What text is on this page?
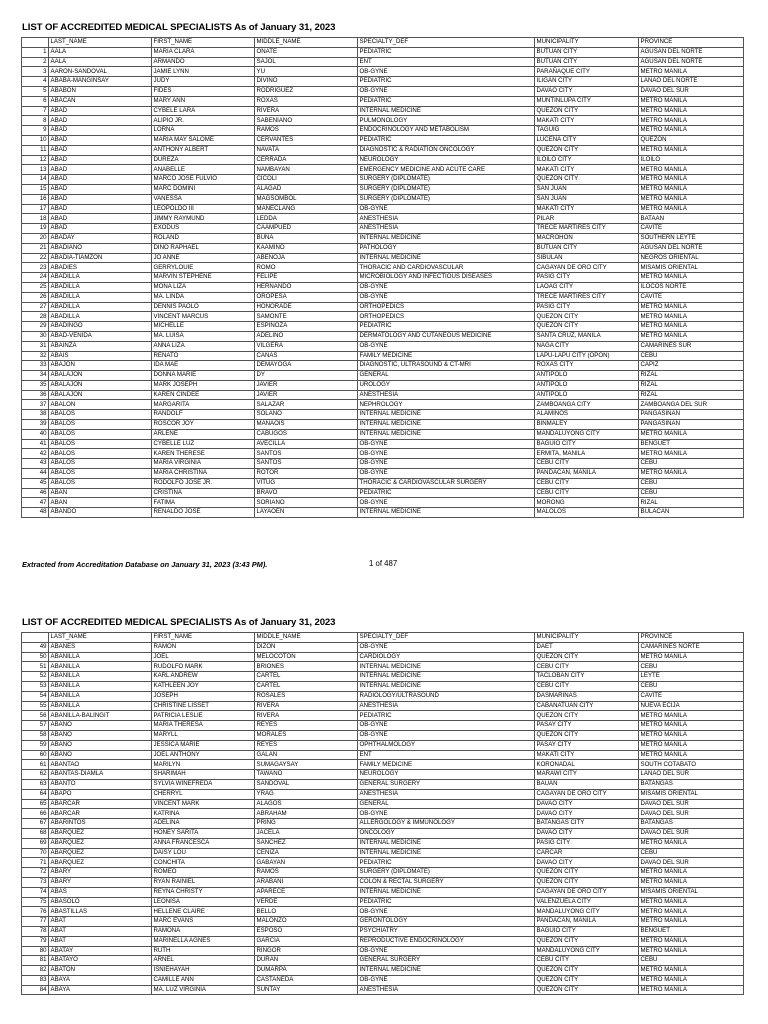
LIST OF ACCREDITED MEDICAL SPECIALISTS As of January 31, 2023
	LAST_NAME	FIRST_NAME	MIDDLE_NAME	SPECIALTY_DEF	MUNICIPALITY	PROVINCE
1	AALA	MARIA CLARA	OÑATE	PEDIATRIC	BUTUAN CITY	AGUSAN DEL NORTE
2	AALA	ARMANDO	SAJOL	ENT	BUTUAN CITY	AGUSAN DEL NORTE
3	AARON-SANDOVAL	JAMIE LYNN	YU	OB-GYNE	PARAÑAQUE CITY	METRO MANILA
4	ABABA-MANGINSAY	JUDY	DIVINO	PEDIATRIC	ILIGAN CITY	LANAO DEL NORTE
5	ABABON	FIDES	RODRIGUEZ	OB-GYNE	DAVAO CITY	DAVAO DEL SUR
6	ABACAN	MARY ANN	ROXAS	PEDIATRIC	MUNTINLUPA CITY	METRO MANILA
7	ABAD	CYBELE LARA	RIVERA	INTERNAL MEDICINE	QUEZON CITY	METRO MANILA
8	ABAD	ALIPIO JR.	SABENIANO	PULMONOLOGY	MAKATI CITY	METRO MANILA
9	ABAD	LORNA	RAMOS	ENDOCRINOLOGY AND METABOLISM	TAGUIG	METRO MANILA
10	ABAD	MARIA MAY SALOME	CERVANTES	PEDIATRIC	LUCENA CITY	QUEZON
11	ABAD	ANTHONY ALBERT	NAVATA	DIAGNOSTIC & RADIATION ONCOLOGY	QUEZON CITY	METRO MANILA
12	ABAD	DUREZA	CERRADA	NEUROLOGY	ILOILO CITY	ILOILO
13	ABAD	ANABELLE	NAMBAYAN	EMERGENCY MEDICINE AND ACUTE CARE	MAKATI CITY	METRO MANILA
14	ABAD	MARCO JOSE FULVIO	CICOLI	SURGERY (DIPLOMATE)	QUEZON CITY	METRO MANILA
15	ABAD	MARC DOMINI	ALAGAD	SURGERY (DIPLOMATE)	SAN JUAN	METRO MANILA
16	ABAD	VANESSA	MAGSOMBOL	SURGERY (DIPLOMATE)	SAN JUAN	METRO MANILA
17	ABAD	LEOPOLDO III	MANECLANG	OB-GYNE	MAKATI CITY	METRO MANILA
18	ABAD	JIMMY RAYMUND	LEDDA	ANESTHESIA	PILAR	BATAAN
19	ABAD	EXODUS	CAAMPUED	ANESTHESIA	TRECE MARTIRES CITY	CAVITE
20	ABADAY	ROLAND	BUNA	INTERNAL MEDICINE	MACROHON	SOUTHERN LEYTE
21	ABADIANO	DINO RAPHAEL	KAAMIÑO	PATHOLOGY	BUTUAN CITY	AGUSAN DEL NORTE
22	ABADIA-TIAMZON	JO ANNE	ABENOJA	INTERNAL MEDICINE	SIBULAN	NEGROS ORIENTAL
23	ABADIES	GERRYLOUIE	ROMO	THORACIC AND CARDIOVASCULAR	CAGAYAN DE ORO CITY	MISAMIS ORIENTAL
24	ABADILLA	MARVIN STEPHENE	FELIPE	MICROBIOLOGY AND INFECTIOUS DISEASES	PASIG CITY	METRO MANILA
25	ABADILLA	MONA LIZA	HERNANDO	OB-GYNE	LAOAG CITY	ILOCOS NORTE
26	ABADILLA	MA. LINDA	OROPESA	OB-GYNE	TRECE MARTIRES CITY	CAVITE
27	ABADILLA	DENNIS PAOLO	HONORADE	ORTHOPEDICS	PASIG CITY	METRO MANILA
28	ABADILLA	VINCENT MARCUS	SAMONTE	ORTHOPEDICS	QUEZON CITY	METRO MANILA
29	ABADINGO	MICHELLE	ESPINOZA	PEDIATRIC	QUEZON CITY	METRO MANILA
30	ABAD-VENIDA	MA. LUISA	ADELINO	DERMATOLOGY AND CUTANEOUS MEDICINE	SANTA CRUZ, MANILA	METRO MANILA
31	ABAINZA	ANNA LIZA	VILGERA	OB-GYNE	NAGA CITY	CAMARINES SUR
32	ABAIS	RENATO	CAÑAS	FAMILY MEDICINE	LAPU-LAPU CITY (OPON)	CEBU
33	ABAJON	IDA MAE	DEMAYOGA	DIAGNOSTIC, ULTRASOUND & CT-MRI	ROXAS CITY	CAPIZ
34	ABALAJON	DONNA MARIE	DY	GENERAL	ANTIPOLO	RIZAL
35	ABALAJON	MARK JOSEPH	JAVIER	UROLOGY	ANTIPOLO	RIZAL
36	ABALAJON	KAREN CINDEE	JAVIER	ANESTHESIA	ANTIPOLO	RIZAL
37	ABALON	MARGARITA	SALAZAR	NEPHROLOGY	ZAMBOANGA CITY	ZAMBOANGA DEL SUR
38	ABALOS	RANDOLF	SOLANO	INTERNAL MEDICINE	ALAMINOS	PANGASINAN
39	ABALOS	ROSCOR JOY	MANAOIS	INTERNAL MEDICINE	BINMALEY	PANGASINAN
40	ABALOS	ARLENE	CABUGOS	INTERNAL MEDICINE	MANDALUYONG CITY	METRO MANILA
41	ABALOS	CYBELLE LUZ	AVECILLA	OB-GYNE	BAGUIO CITY	BENGUET
42	ABALOS	KAREN THERESE	SANTOS	OB-GYNE	ERMITA, MANILA	METRO MANILA
43	ABALOS	MARIA VIRGINIA	SANTOS	OB-GYNE	CEBU CITY	CEBU
44	ABALOS	MARIA CHRISTINA	ROTOR	OB-GYNE	PANDACAN, MANILA	METRO MANILA
45	ABALOS	RODOLFO JOSE JR.	VITUG	THORACIC & CARDIOVASCULAR SURGERY	CEBU CITY	CEBU
46	ABAN	CRISTINA	BRAVO	PEDIATRIC	CEBU CITY	CEBU
47	ABAN	FATIMA	SORIANO	OB-GYNE	MORONG	RIZAL
48	ABANDO	RENALDO JOSE	LAYAOEN	INTERNAL MEDICINE	MALOLOS	BULACAN
Extracted from Accreditation Database on January 31, 2023 (3:43 PM).	1 of 487
LIST OF ACCREDITED MEDICAL SPECIALISTS As of January 31, 2023
	LAST_NAME	FIRST_NAME	MIDDLE_NAME	SPECIALTY_DEF	MUNICIPALITY	PROVINCE
49	ABANES	RAMON	DIZON	OB-GYNE	DAET	CAMARINES NORTE
50	ABANILLA	JOEL	MELOCOTON	CARDIOLOGY	QUEZON CITY	METRO MANILA
51	ABANILLA	RUDOLFO MARK	BRIONES	INTERNAL MEDICINE	CEBU CITY	CEBU
52	ABANILLA	KARL ANDREW	CARTEL	INTERNAL MEDICINE	TACLOBAN CITY	LEYTE
53	ABANILLA	KATHLEEN JOY	CARTEL	INTERNAL MEDICINE	CEBU CITY	CEBU
54	ABANILLA	JOSEPH	ROSALES	RADIOLOGY/ULTRASOUND	DASMARINAS	CAVITE
55	ABANILLA	CHRISTINE LISSET	RIVERA	ANESTHESIA	CABANATUAN CITY	NUEVA ECIJA
56	ABANILLA-BALINGIT	PATRICIA LESLIE	RIVERA	PEDIATRIC	QUEZON CITY	METRO MANILA
57	ABAÑO	MARIA THERESA	REYES	OB-GYNE	PASAY CITY	METRO MANILA
58	ABAÑO	MARYLL	MORALES	OB-GYNE	QUEZON CITY	METRO MANILA
59	ABAÑO	JESSICA MARIE	REYES	OPHTHALMOLOGY	PASAY CITY	METRO MANILA
60	ABAÑO	JOEL ANTHONY	GALAN	ENT	MAKATI CITY	METRO MANILA
61	ABANTAO	MARILYN	SUMAGAYSAY	FAMILY MEDICINE	KORONADAL	SOUTH COTABATO
62	ABANTAS-DIAMLA	SHARIMAH	TAWANO	NEUROLOGY	MARAWI CITY	LANAO DEL SUR
63	ABANTO	SYLVIA WINEFREDA	SANDOVAL	GENERAL SURGERY	BAUAN	BATANGAS
64	ABAPO	CHERRYL	YRAG	ANESTHESIA	CAGAYAN DE ORO CITY	MISAMIS ORIENTAL
65	ABARCAR	VINCENT MARK	ALAGOS	GENERAL	DAVAO CITY	DAVAO DEL SUR
66	ABARCAR	KATRINA	ABRAHAM	OB-GYNE	DAVAO CITY	DAVAO DEL SUR
67	ABARINTOS	ADELINA	PRING	ALLERGOLOGY & IMMUNOLOGY	BATANGAS CITY	BATANGAS
68	ABARQUEZ	HONEY SARITA	JACELA	ONCOLOGY	DAVAO CITY	DAVAO DEL SUR
69	ABARQUEZ	ANNA FRANCESCA	SANCHEZ	INTERNAL MEDICINE	PASIG CITY	METRO MANILA
70	ABARQUEZ	DAISY LOU	CENIZA	INTERNAL MEDICINE	CARCAR	CEBU
71	ABARQUEZ	CONCHITA	GABAYAN	PEDIATRIC	DAVAO CITY	DAVAO DEL SUR
72	ABARY	ROMEO	RAMOS	SURGERY (DIPLOMATE)	QUEZON CITY	METRO MANILA
73	ABARY	RYAN RAINIEL	ARABANI	COLON & RECTAL SURGERY	QUEZON CITY	METRO MANILA
74	ABAS	REYNA CHRISTY	APARECE	INTERNAL MEDICINE	CAGAYAN DE ORO CITY	MISAMIS ORIENTAL
75	ABASOLO	LEONISA	VERDE	PEDIATRIC	VALENZUELA CITY	METRO MANILA
76	ABASTILLAS	HELLENE CLAIRE	BELLO	OB-GYNE	MANDALUYONG CITY	METRO MANILA
77	ABAT	MARC EVANS	MALONZO	GERONTOLOGY	PANDACAN, MANILA	METRO MANILA
78	ABAT	RAMONA	ESPOSO	PSYCHIATRY	BAGUIO CITY	BENGUET
79	ABAT	MARINELLA AGNES	GARCIA	REPRODUCTIVE ENDOCRINOLOGY	QUEZON CITY	METRO MANILA
80	ABATAY	RUTH	RINGOR	OB-GYNE	MANDALUYONG CITY	METRO MANILA
81	ABATAYO	ARNEL	DURAN	GENERAL SURGERY	CEBU CITY	CEBU
82	ABATON	ISNIEHAYAH	DUMARPA	INTERNAL MEDICINE	QUEZON CITY	METRO MANILA
83	ABAYA	CAMILLE ANN	CASTAÑEDA	OB-GYNE	QUEZON CITY	METRO MANILA
84	ABAYA	MA. LUZ VIRGINIA	SUNTAY	ANESTHESIA	QUEZON CITY	METRO MANILA
